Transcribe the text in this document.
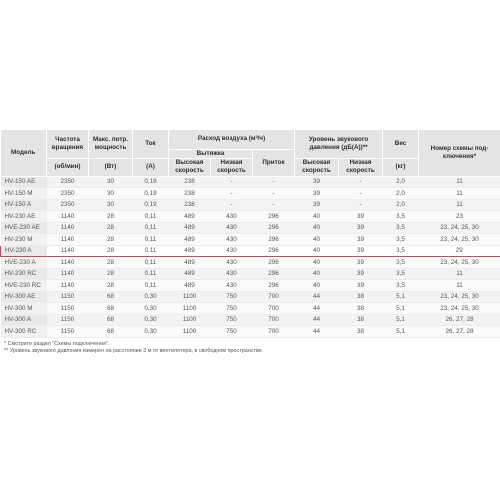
Модель	Частота вращения	Макс. потр. мощность	Ток	Расход воздуха (м³/ч)			Уровень звукового давления (дБ(А))**		Вес	Номер схемы под-ключения*
				Вытяжка		Приток				
	(об/мин)	(Вт)	(А)	Высокая скорость	Низкая скорость		Высокая скорость	Низкая скорость	(кг)	
HV-150 AE	2350	30	0,19	238	-	-	39	-	2,0	11
HV-150 M	2350	30	0,19	238	-	-	39	-	2,0	11
HV-150 A	2350	30	0,19	238	-	-	39	-	2,0	11
HV-230 AE	1140	28	0,11	489	430	296	40	39	3,5	23
HVE-230 AE	1140	28	0,11	489	430	296	40	39	3,5	23, 24, 25, 30
HV-230 M	1140	28	0,11	489	430	296	40	39	3,5	23, 24, 25, 30
HV-230 A	1140	28	0,11	489	430	296	40	39	3,5	29
HVE-230 A	1140	28	0,11	489	430	296	40	39	3,5	23, 24, 25, 30
HV-230 RC	1140	28	0,11	489	430	296	40	39	3,5	11
HVE-230 RC	1140	28	0,11	489	430	296	40	39	3,5	11
HV-300 AE	1150	68	0,30	1100	750	700	44	38	5,1	23, 24, 25, 30
HV-300 M	1150	68	0,30	1100	750	700	44	38	5,1	23, 24, 25, 30
HV-300 A	1150	68	0,30	1100	750	700	44	38	5,1	26, 27, 28
HV-300 RC	1150	68	0,30	1100	750	700	44	38	5,1	26, 27, 28
* Смотрите раздел "Схемы подключения".
** Уровень звукового давления измерен на расстоянии 3 м от вентилятора, в свободном пространстве.
